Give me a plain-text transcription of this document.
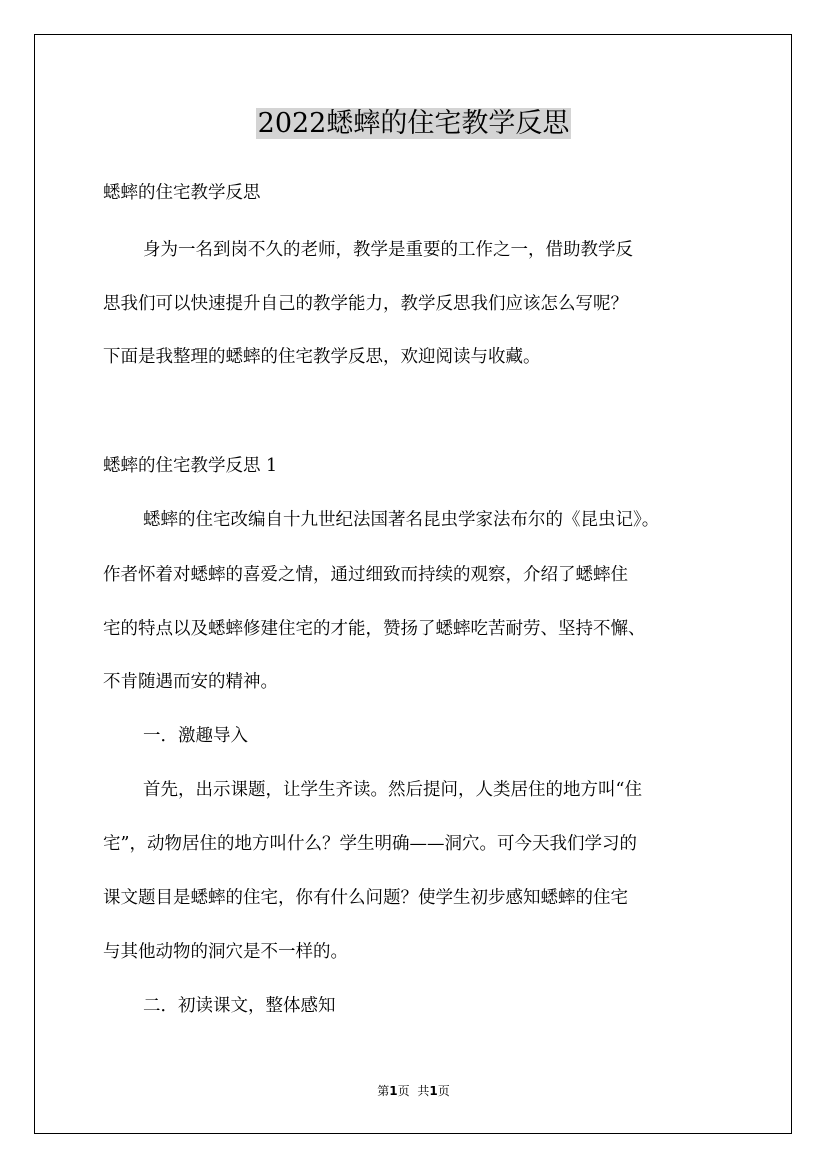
2022蟋蟀的住宅教学反思

蟋蟀的住宅教学反思

身为一名到岗不久的老师，教学是重要的工作之一，借助教学反

思我们可以快速提升自己的教学能力，教学反思我们应该怎么写呢？

下面是我整理的蟋蟀的住宅教学反思，欢迎阅读与收藏。

蟋蟀的住宅教学反思 1

蟋蟀的住宅改编自十九世纪法国著名昆虫学家法布尔的《昆虫记》。

作者怀着对蟋蟀的喜爱之情，通过细致而持续的观察，介绍了蟋蟀住

宅的特点以及蟋蟀修建住宅的才能，赞扬了蟋蟀吃苦耐劳、坚持不懈、

不肯随遇而安的精神。

一．激趣导入

首先，出示课题，让学生齐读。然后提问，人类居住的地方叫“住

宅”，动物居住的地方叫什么？学生明确——洞穴。可今天我们学习的

课文题目是蟋蟀的住宅，你有什么问题？使学生初步感知蟋蟀的住宅

与其他动物的洞穴是不一样的。

二．初读课文，整体感知

第1页 共1页
